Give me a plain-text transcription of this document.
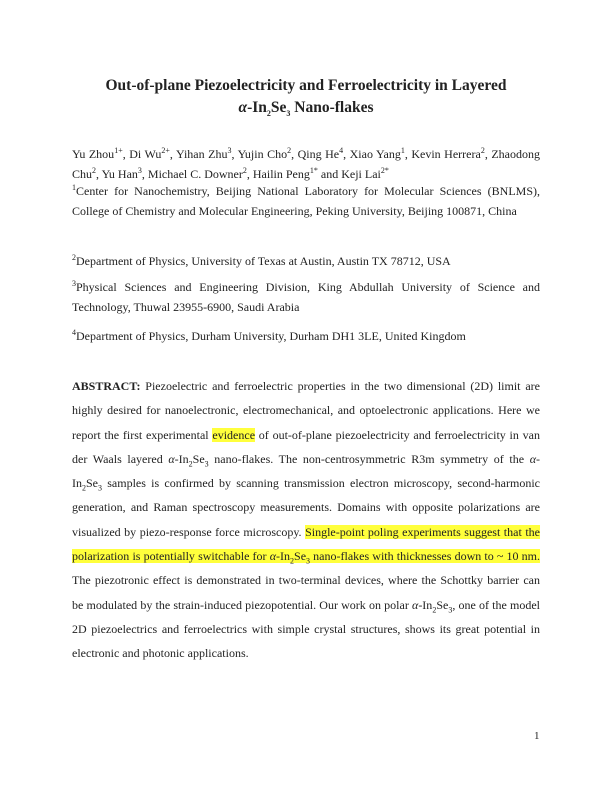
Out-of-plane Piezoelectricity and Ferroelectricity in Layered
$\alpha-In_2Se_3$ Nano-flakes
Yu Zhou$^{1+}$, Di $Wu^{2+}$, Yihan Zhu$^3$, Yujin Cho$^2$, Qing He$^4$, Xiao Yang$^1$, Kevin Herrera$^2$, Zhaodong Chu$^2$, Yu Han$^3$, Michael C. Downer$^2$, Hailin Peng$^{1*}$ and Keji Lai$^{2*}$
$^1$Center for Nanochemistry, Beijing National Laboratory for Molecular Sciences (BNLMS), College of Chemistry and Molecular Engineering, Peking University, Beijing 100871, China
$^2$Department of Physics, University of Texas at Austin, Austin TX 78712, USA
$^3$Physical Sciences and Engineering Division, King Abdullah University of Science and Technology, Thuwal 23955-6900, Saudi Arabia
$^4$Department of Physics, Durham University, Durham DH1 3LE, United Kingdom
ABSTRACT: Piezoelectric and ferroelectric properties in the two dimensional (2D) limit are highly desired for nanoelectronic, electromechanical, and optoelectronic applications. Here we report the first experimental evidence of out-of-plane piezoelectricity and ferroelectricity in van der Waals layered $\alpha-In_2Se_3$ nano-flakes. The non-centrosymmetric R3m symmetry of the $\alpha-In_2Se_3$ samples is confirmed by scanning transmission electron microscopy, second-harmonic generation, and Raman spectroscopy measurements. Domains with opposite polarizations are visualized by piezo-response force microscopy. Single-point poling experiments suggest that the polarization is potentially switchable for $\alpha-In_2Se_3$ nano-flakes with thicknesses down to ~ 10 nm. The piezotronic effect is demonstrated in two-terminal devices, where the Schottky barrier can be modulated by the strain-induced piezopotential. Our work on polar $\alpha-In_2Se_3$, one of the model 2D piezoelectrics and ferroelectrics with simple crystal structures, shows its great potential in electronic and photonic applications.
1
